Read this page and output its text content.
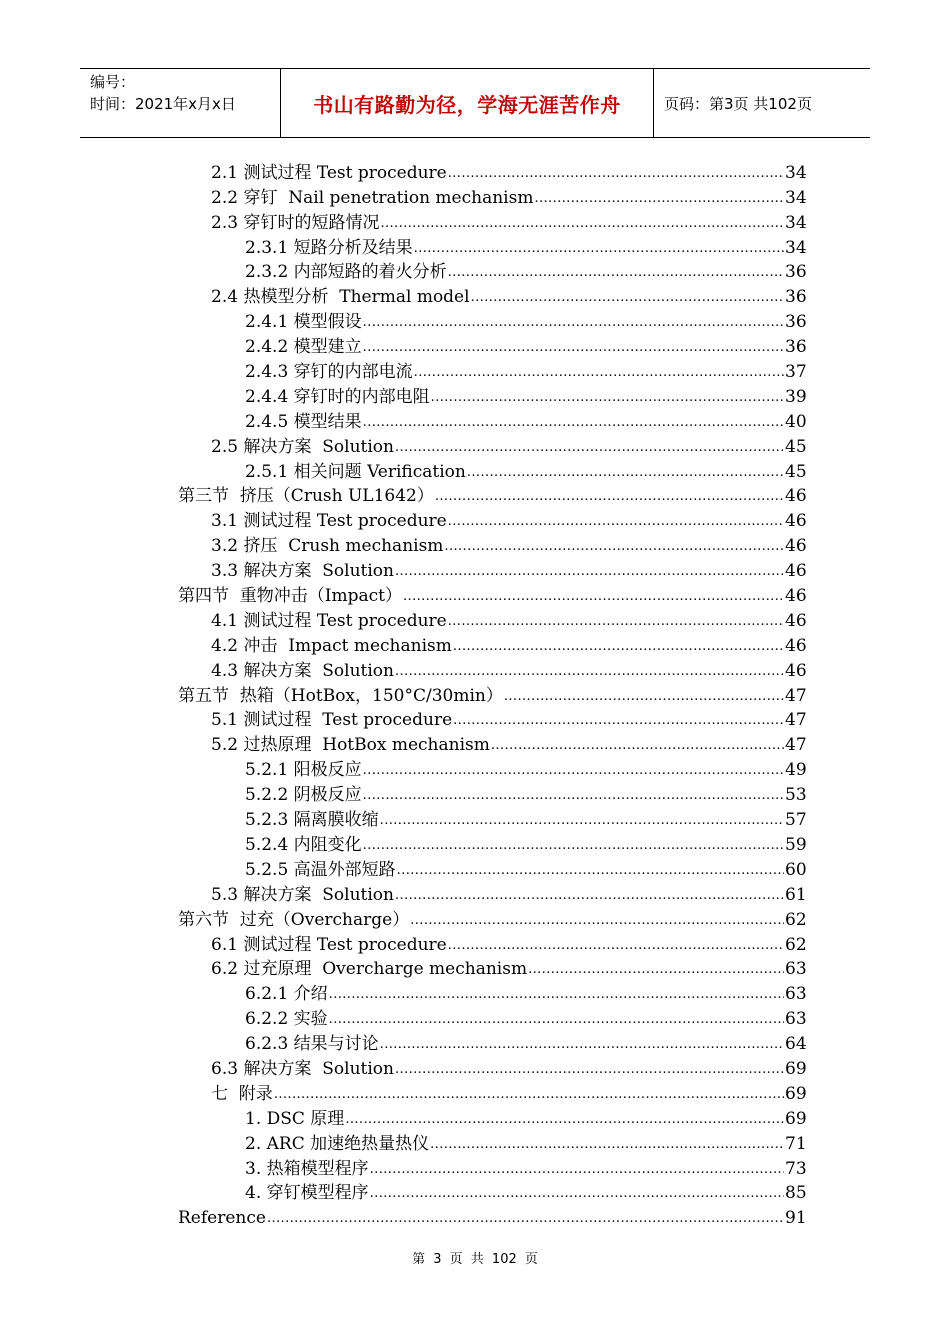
编号：
时间：2021年x月x日	书山有路勤为径，学海无涯苦作舟	页码：第3页 共102页
2.1 测试过程 Test procedure .....	34
2.2 穿钉  Nail penetration mechanism .....	34
2.3 穿钉时的短路情况 .....	34
2.3.1 短路分析及结果 .....	34
2.3.2 内部短路的着火分析 .....	36
2.4 热模型分析  Thermal model .....	36
2.4.1 模型假设 .....	36
2.4.2 模型建立 .....	36
2.4.3 穿钉的内部电流 .....	37
2.4.4 穿钉时的内部电阻 .....	39
2.4.5 模型结果 .....	40
2.5 解决方案  Solution .....	45
2.5.1 相关问题 Verification .....	45
第三节  挤压（Crush UL1642） .....	46
3.1 测试过程 Test procedure .....	46
3.2 挤压  Crush mechanism .....	46
3.3 解决方案  Solution .....	46
第四节  重物冲击（Impact） .....	46
4.1 测试过程 Test procedure .....	46
4.2 冲击  Impact mechanism .....	46
4.3 解决方案  Solution .....	46
第五节  热箱（HotBox，150°C/30min） .....	47
5.1 测试过程  Test procedure .....	47
5.2 过热原理  HotBox mechanism .....	47
5.2.1 阳极反应 .....	49
5.2.2 阴极反应 .....	53
5.2.3 隔离膜收缩 .....	57
5.2.4 内阻变化 .....	59
5.2.5 高温外部短路 .....	60
5.3 解决方案  Solution .....	61
第六节  过充（Overcharge） .....	62
6.1 测试过程 Test procedure .....	62
6.2 过充原理  Overcharge mechanism .....	63
6.2.1 介绍 .....	63
6.2.2 实验 .....	63
6.2.3 结果与讨论 .....	64
6.3 解决方案  Solution .....	69
七  附录 .....	69
1. DSC 原理 .....	69
2. ARC 加速绝热量热仪 .....	71
3. 热箱模型程序 .....	73
4. 穿钉模型程序 .....	85
Reference .....	91
第 3 页 共 102 页
